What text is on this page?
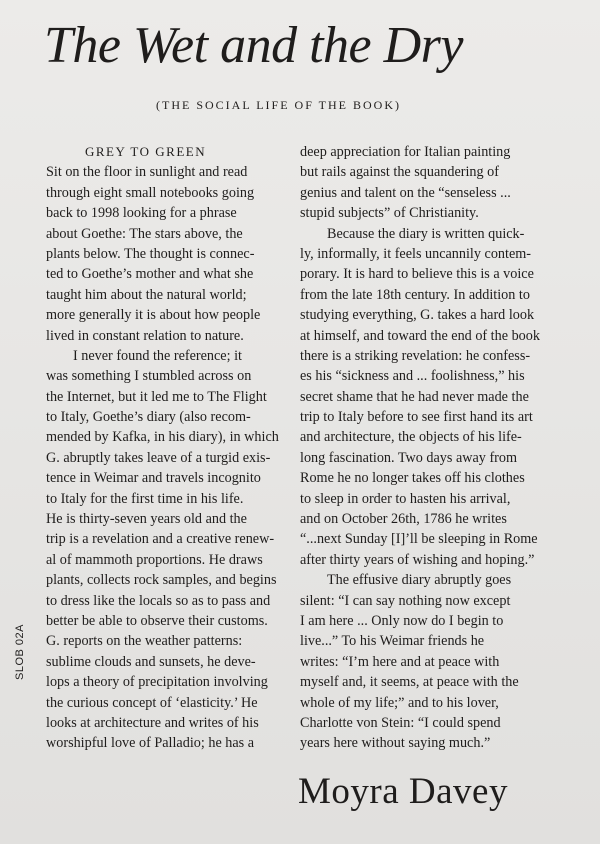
The Wet and the Dry
(THE SOCIAL LIFE OF THE BOOK)
GREY TO GREEN
Sit on the floor in sunlight and read
through eight small notebooks going
back to 1998 looking for a phrase
about Goethe: The stars above, the
plants below. The thought is connec-
ted to Goethe’s mother and what she
taught him about the natural world;
more generally it is about how people
lived in constant relation to nature.
I never found the reference; it
was something I stumbled across on
the Internet, but it led me to The Flight
to Italy, Goethe’s diary (also recom-
mended by Kafka, in his diary), in which
G. abruptly takes leave of a turgid exis-
tence in Weimar and travels incognito
to Italy for the first time in his life.
He is thirty-seven years old and the
trip is a revelation and a creative renew-
al of mammoth proportions. He draws
plants, collects rock samples, and begins
to dress like the locals so as to pass and
better be able to observe their customs.
G. reports on the weather patterns:
sublime clouds and sunsets, he deve-
lops a theory of precipitation involving
the curious concept of ‘elasticity.’ He
looks at architecture and writes of his
worshipful love of Palladio; he has a
deep appreciation for Italian painting
but rails against the squandering of
genius and talent on the “senseless ...
stupid subjects” of Christianity.
Because the diary is written quick-
ly, informally, it feels uncannily contem-
porary. It is hard to believe this is a voice
from the late 18th century. In addition to
studying everything, G. takes a hard look
at himself, and toward the end of the book
there is a striking revelation: he confess-
es his “sickness and ... foolishness,” his
secret shame that he had never made the
trip to Italy before to see first hand its art
and architecture, the objects of his life-
long fascination. Two days away from
Rome he no longer takes off his clothes
to sleep in order to hasten his arrival,
and on October 26th, 1786 he writes
“...next Sunday [I]’ll be sleeping in Rome
after thirty years of wishing and hoping.”
The effusive diary abruptly goes
silent: “I can say nothing now except
I am here ... Only now do I begin to
live...” To his Weimar friends he
writes: “I’m here and at peace with
myself and, it seems, at peace with the
whole of my life;” and to his lover,
Charlotte von Stein: “I could spend
years here without saying much.”
SLOB 02A
Moyra Davey
